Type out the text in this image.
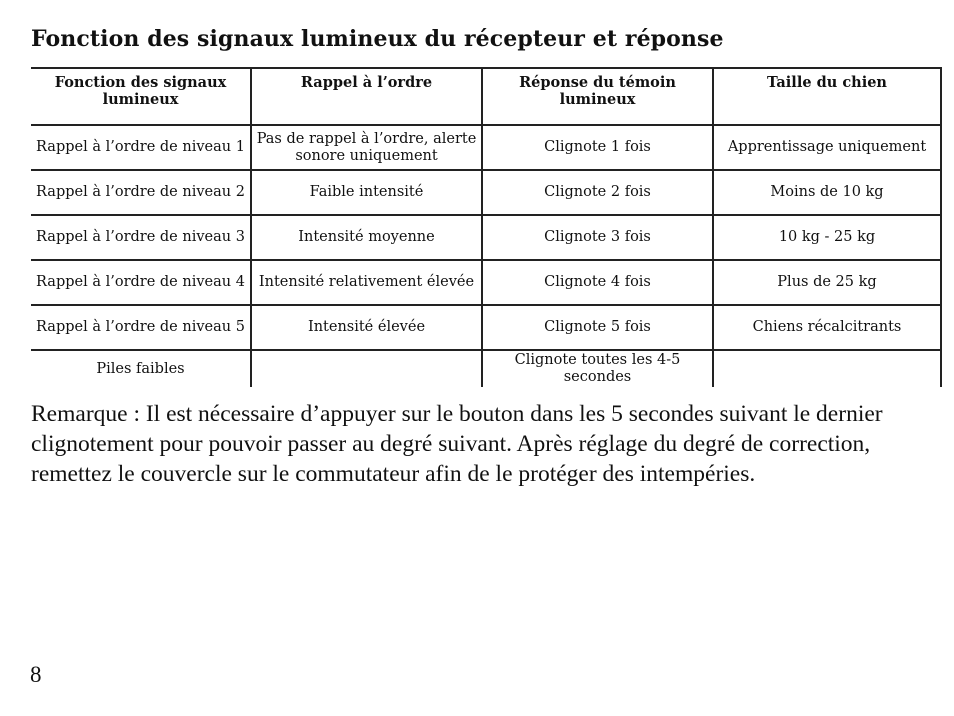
Fonction des signaux lumineux du récepteur et réponse
Fonction des signaux lumineux	Rappel à l’ordre	Réponse du témoin lumineux	Taille du chien
Rappel à l’ordre de niveau 1	Pas de rappel à l’ordre, alerte sonore uniquement	Clignote 1 fois	Apprentissage uniquement
Rappel à l’ordre de niveau 2	Faible intensité	Clignote 2 fois	Moins de 10 kg
Rappel à l’ordre de niveau 3	Intensité moyenne	Clignote 3 fois	10 kg - 25 kg
Rappel à l’ordre de niveau 4	Intensité relativement élevée	Clignote 4 fois	Plus de 25 kg
Rappel à l’ordre de niveau 5	Intensité élevée	Clignote 5 fois	Chiens récalcitrants
Piles faibles		Clignote toutes les 4-5 secondes	
Remarque : Il est nécessaire d’appuyer sur le bouton dans les 5 secondes suivant le dernier clignotement pour pouvoir passer au degré suivant. Après réglage du degré de correction, remettez le couvercle sur le commutateur afin de le protéger des intempéries.
8
